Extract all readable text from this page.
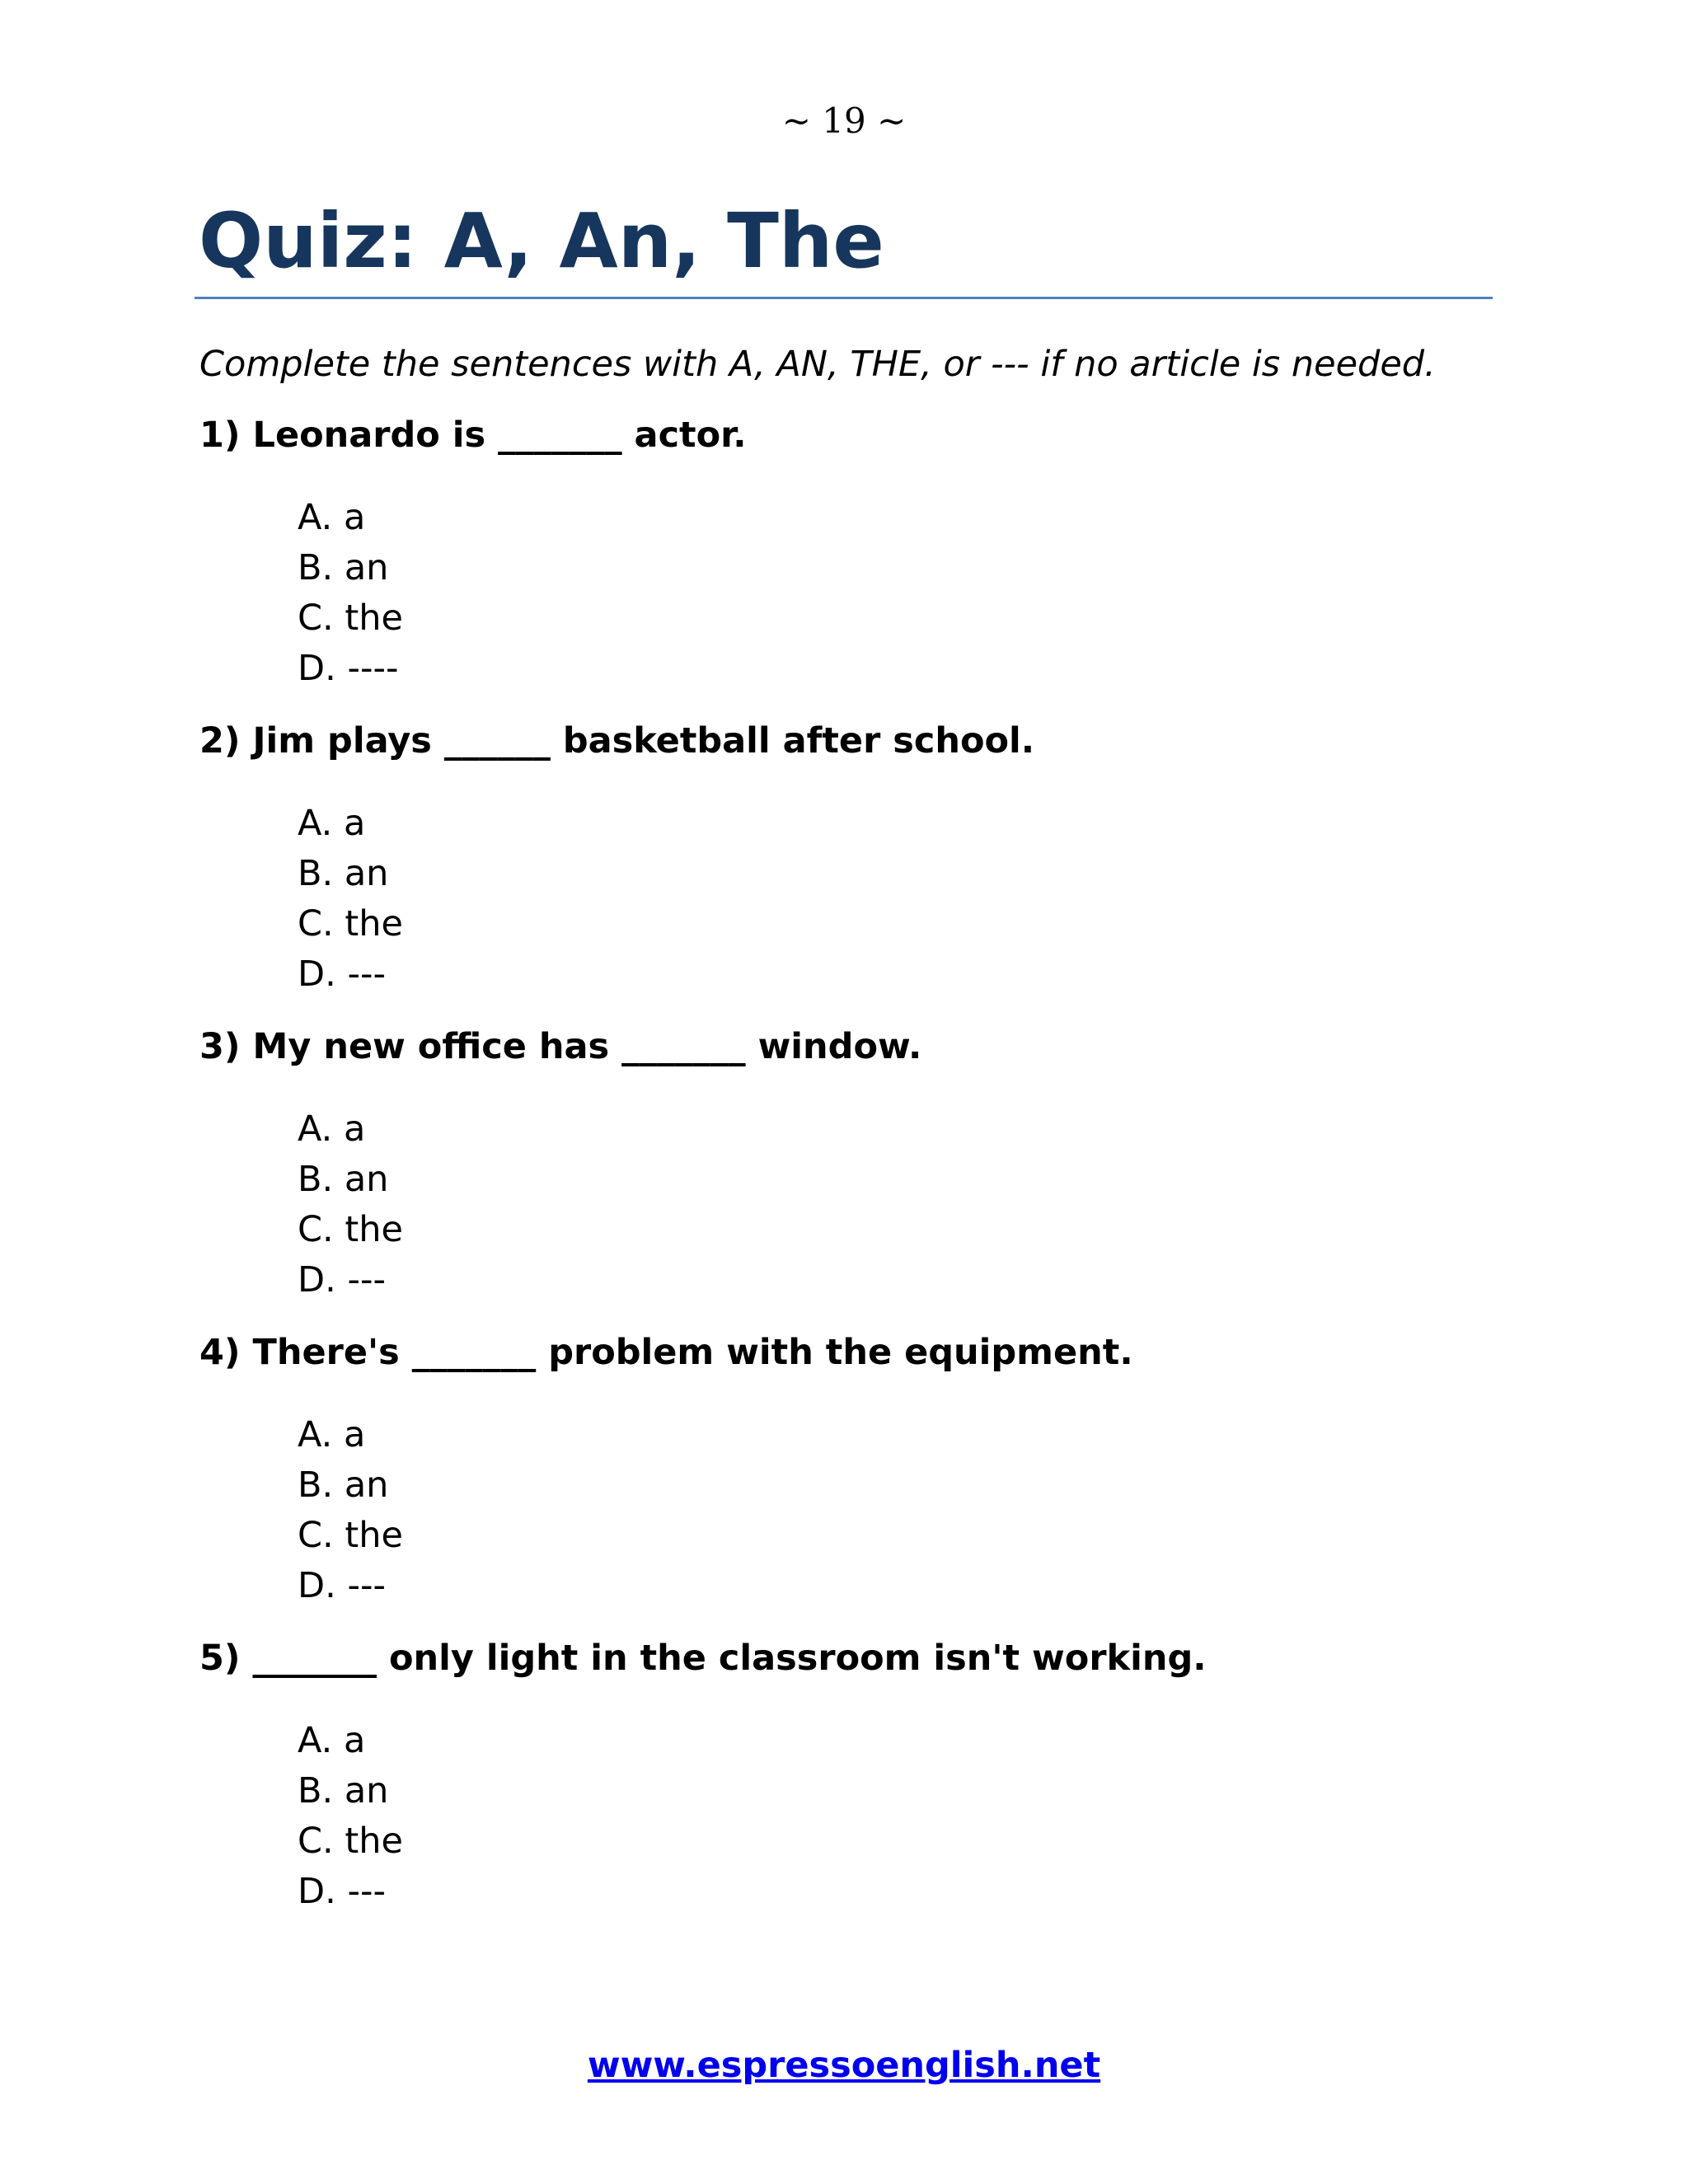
~ 19 ~
Quiz: A, An, The
Complete the sentences with A, AN, THE, or --- if no article is needed.

1) Leonardo is _______ actor.

A. a
B. an
C. the
D. ----

2) Jim plays ______ basketball after school.

A. a
B. an
C. the
D. ---

3) My new office has _______ window.

A. a
B. an
C. the
D. ---

4) There's _______ problem with the equipment.

A. a
B. an
C. the
D. ---

5) _______ only light in the classroom isn't working.

A. a
B. an
C. the
D. ---
www.espressoenglish.net
